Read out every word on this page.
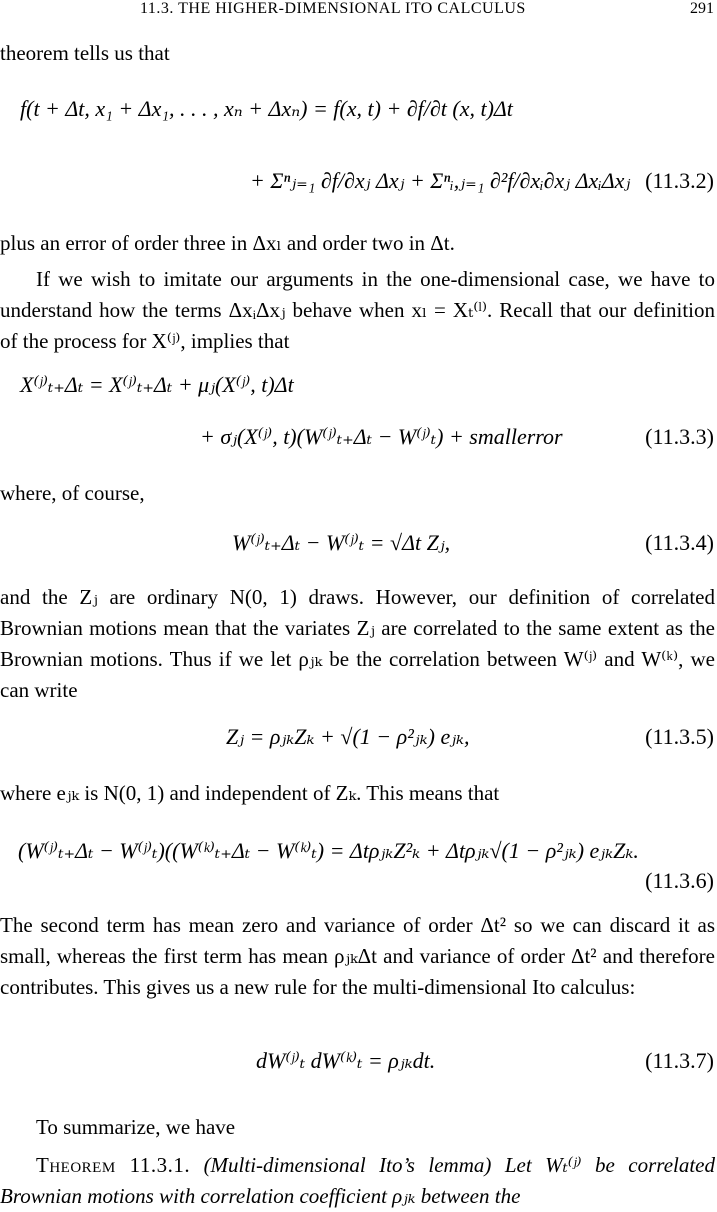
11.3. THE HIGHER-DIMENSIONAL ITO CALCULUS	291
theorem tells us that
f(t + Δt, x₁ + Δx₁, . . . , xₙ + Δxₙ) = f(x, t) + ∂f/∂t (x, t)Δt
+ Σⁿⱼ₌₁ ∂f/∂xⱼ Δxⱼ + Σⁿᵢ,ⱼ₌₁ ∂²f/∂xᵢ∂xⱼ ΔxᵢΔxⱼ (11.3.2)
plus an error of order three in Δxₗ and order two in Δt.
If we wish to imitate our arguments in the one-dimensional case, we have to understand how the terms ΔxᵢΔxⱼ behave when xₗ = Xₜ⁽ˡ⁾. Recall that our definition of the process for X⁽ʲ⁾, implies that
X⁽ʲ⁾ₜ₊Δₜ = X⁽ʲ⁾ₜ₊Δₜ + μⱼ(X⁽ʲ⁾, t)Δt
+ σⱼ(X⁽ʲ⁾, t)(W⁽ʲ⁾ₜ₊Δₜ − W⁽ʲ⁾ₜ) + smallerror	(11.3.3)
where, of course,
W⁽ʲ⁾ₜ₊Δₜ − W⁽ʲ⁾ₜ = √Δt Zⱼ,	(11.3.4)
and the Zⱼ are ordinary N(0, 1) draws. However, our definition of correlated Brownian motions mean that the variates Zⱼ are correlated to the same extent as the Brownian motions. Thus if we let ρⱼₖ be the correlation between W⁽ʲ⁾ and W⁽ᵏ⁾, we can write
Zⱼ = ρⱼₖZₖ + √(1 − ρ²ⱼₖ) eⱼₖ,	(11.3.5)
where eⱼₖ is N(0, 1) and independent of Zₖ. This means that
(W⁽ʲ⁾ₜ₊Δₜ − W⁽ʲ⁾ₜ)((W⁽ᵏ⁾ₜ₊Δₜ − W⁽ᵏ⁾ₜ) = ΔtρⱼₖZ²ₖ + Δtρⱼₖ√(1 − ρ²ⱼₖ) eⱼₖZₖ.
(11.3.6)
The second term has mean zero and variance of order Δt² so we can discard it as small, whereas the first term has mean ρⱼₖΔt and variance of order Δt² and therefore contributes. This gives us a new rule for the multi-dimensional Ito calculus:
dW⁽ʲ⁾ₜ dW⁽ᵏ⁾ₜ = ρⱼₖdt.	(11.3.7)
To summarize, we have
Theorem 11.3.1. (Multi-dimensional Ito’s lemma) Let Wₜ⁽ʲ⁾ be correlated Brownian motions with correlation coefficient ρⱼₖ between the
